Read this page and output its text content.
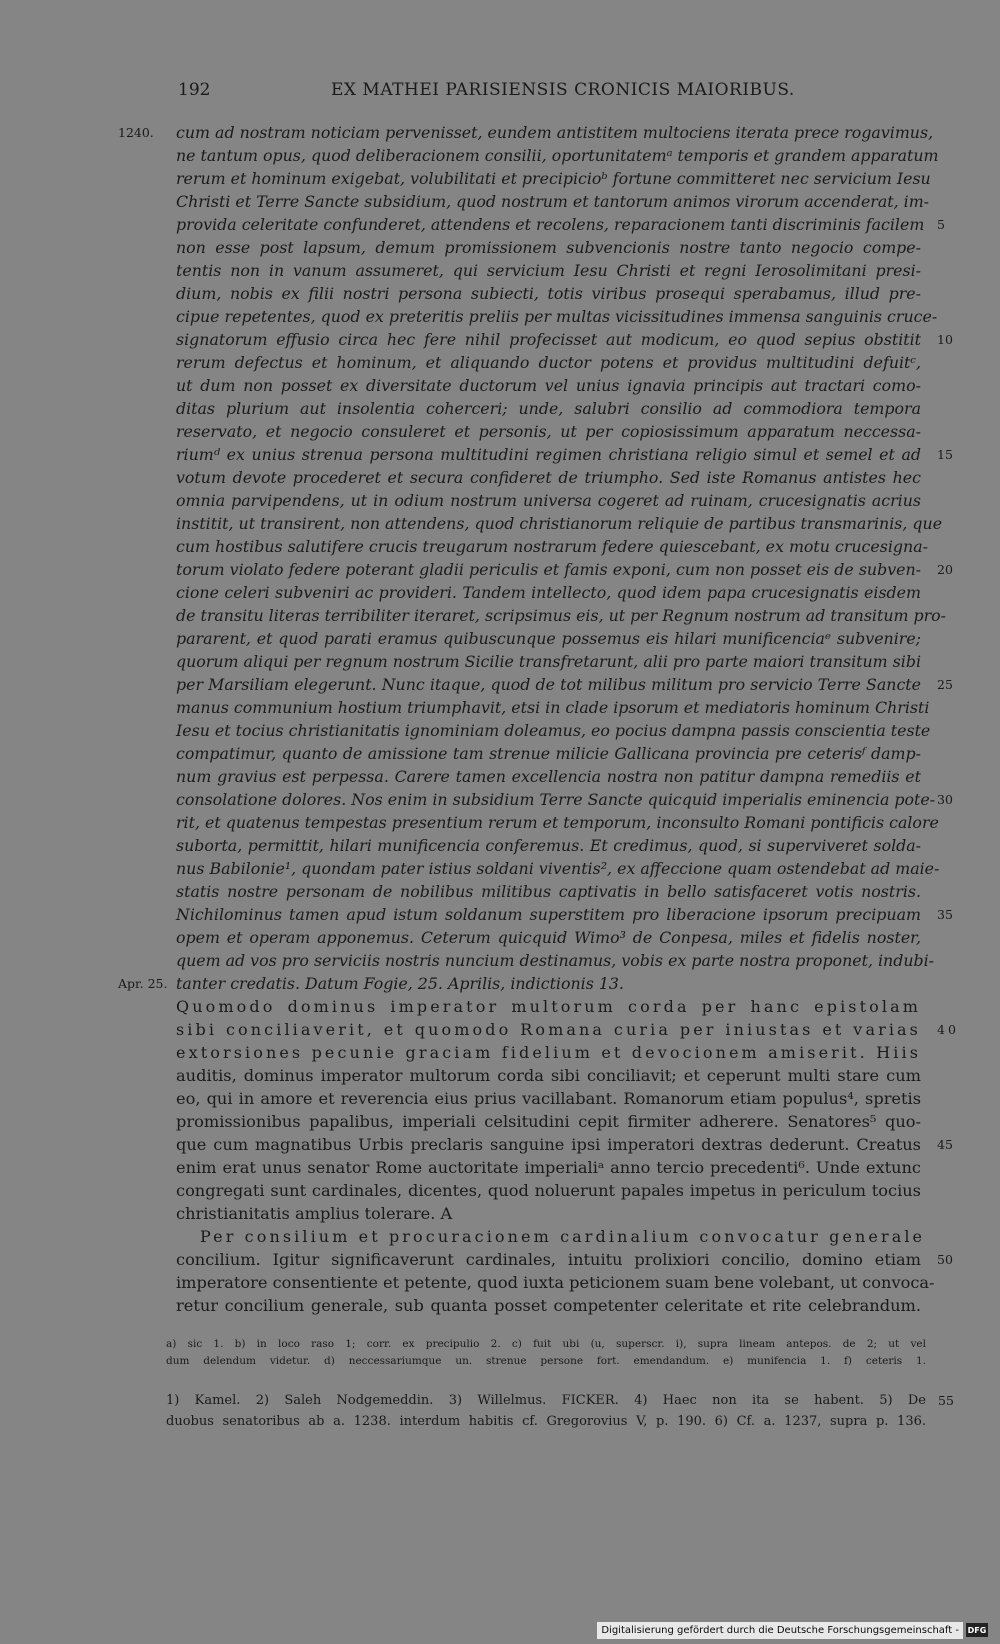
192	EX MATHEI PARISIENSIS CRONICIS MAIORIBUS.
cum ad nostram noticiam pervenisset, eundem antistitem multociens iterata prece rogavimus,
1240.
ne tantum opus, quod deliberacionem consilii, oportunitatemᵃ temporis et grandem apparatum
rerum et hominum exigebat, volubilitati et precipicioᵇ fortune committeret nec servicium Iesu
Christi et Terre Sancte subsidium, quod nostrum et tantorum animos virorum accenderat, im-
provida celeritate confunderet, attendens et recolens, reparacionem tanti discriminis facilem 5
non esse post lapsum, demum promissionem subvencionis nostre tanto negocio compe-
tentis non in vanum assumeret, qui servicium Iesu Christi et regni Ierosolimitani presi-
dium, nobis ex filii nostri persona subiecti, totis viribus prosequi sperabamus, illud pre-
cipue repetentes, quod ex preteritis preliis per multas vicissitudines immensa sanguinis cruce-
signatorum effusio circa hec fere nihil profecisset aut modicum, eo quod sepius obstitit 10
rerum defectus et hominum, et aliquando ductor potens et providus multitudini defuitᶜ,
ut dum non posset ex diversitate ductorum vel unius ignavia principis aut tractari como-
ditas plurium aut insolentia coherceri; unde, salubri consilio ad commodiora tempora
reservato, et negocio consuleret et personis, ut per copiosissimum apparatum neccessa-
riumᵈ ex unius strenua persona multitudini regimen christiana religio simul et semel et ad 15
votum devote procederet et secura confideret de triumpho. Sed iste Romanus antistes hec
omnia parvipendens, ut in odium nostrum universa cogeret ad ruinam, crucesignatis acrius
institit, ut transirent, non attendens, quod christianorum reliquie de partibus transmarinis, que
cum hostibus salutifere crucis treugarum nostrarum federe quiescebant, ex motu crucesigna-
torum violato federe poterant gladii periculis et famis exponi, cum non posset eis de subven- 20
cione celeri subveniri ac provideri. Tandem intellecto, quod idem papa crucesignatis eisdem
de transitu literas terribiliter iteraret, scripsimus eis, ut per Regnum nostrum ad transitum pro-
pararent, et quod parati eramus quibuscunque possemus eis hilari munificenciaᵉ subvenire;
quorum aliqui per regnum nostrum Sicilie transfretarunt, alii pro parte maiori transitum sibi
per Marsiliam elegerunt. Nunc itaque, quod de tot milibus militum pro servicio Terre Sancte 25
manus communium hostium triumphavit, etsi in clade ipsorum et mediatoris hominum Christi
Iesu et tocius christianitatis ignominiam doleamus, eo pocius dampna passis conscientia teste
compatimur, quanto de amissione tam strenue milicie Gallicana provincia pre ceterisᶠ damp-
num gravius est perpessa. Carere tamen excellencia nostra non patitur dampna remediis et
consolatione dolores. Nos enim in subsidium Terre Sancte quicquid imperialis eminencia pote- 30
rit, et quatenus tempestas presentium rerum et temporum, inconsulto Romani pontificis calore
suborta, permittit, hilari munificencia conferemus. Et credimus, quod, si superviveret solda-
nus Babilonie¹, quondam pater istius soldani viventis², ex affeccione quam ostendebat ad maie-
statis nostre personam de nobilibus militibus captivatis in bello satisfaceret votis nostris.
Nichilominus tamen apud istum soldanum superstitem pro liberacione ipsorum precipuam 35
opem et operam apponemus. Ceterum quicquid Wimo³ de Conpesa, miles et fidelis noster,
quem ad vos pro serviciis nostris nuncium destinamus, vobis ex parte nostra proponet, indubi-
tanter credatis. Datum Fogie, 25. Aprilis, indictionis 13.
Apr. 25.
Quomodo dominus imperator multorum corda per hanc epistolam
sibi conciliaverit, et quomodo Romana curia per iniustas et varias 40
extorsiones pecunie graciam fidelium et devocionem amiserit. Hiis
auditis, dominus imperator multorum corda sibi conciliavit; et ceperunt multi stare cum
eo, qui in amore et reverencia eius prius vacillabant. Romanorum etiam populus⁴, spretis
promissionibus papalibus, imperiali celsitudini cepit firmiter adherere. Senatores⁵ quo-
que cum magnatibus Urbis preclaris sanguine ipsi imperatori dextras dederunt. Creatus 45
enim erat unus senator Rome auctoritate imperialiᵃ anno tercio precedenti⁶. Unde extunc
congregati sunt cardinales, dicentes, quod noluerunt papales impetus in periculum tocius
christianitatis amplius tolerare. A
Per consilium et procuracionem cardinalium convocatur generale
concilium. Igitur significaverunt cardinales, intuitu prolixiori concilio, domino etiam 50
imperatore consentiente et petente, quod iuxta peticionem suam bene volebant, ut convoca-
retur concilium generale, sub quanta posset competenter celeritate et rite celebrandum.
a) sic 1. b) in loco raso 1; corr. ex precipulio 2. c) fuit ubi (u, superscr. i), supra lineam antepos. de 2; ut vel
dum delendum videtur. d) neccessariumque un. strenue persone fort. emendandum. e) munifencia 1. f) ceteris 1.
1) Kamel. 2) Saleh Nodgemeddin. 3) Willelmus. FICKER. 4) Haec non ita se habent. 5) De 55
duobus senatoribus ab a. 1238. interdum habitis cf. Gregorovius V, p. 190. 6) Cf. a. 1237, supra p. 136.
Digitalisierung gefördert durch die Deutsche Forschungsgemeinschaft -	DFG
